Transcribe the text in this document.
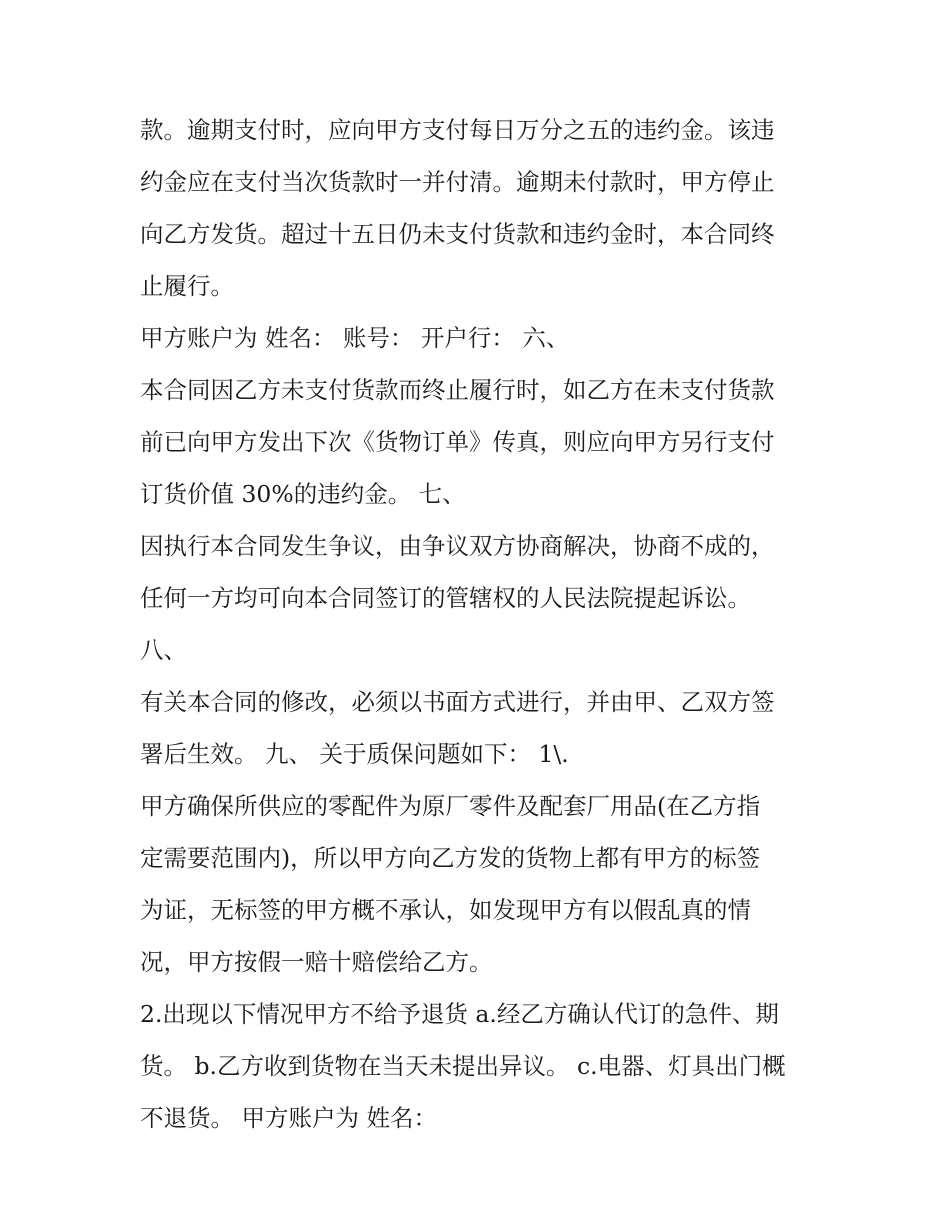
款。逾期支付时，应向甲方支付每日万分之五的违约金。该违
约金应在支付当次货款时一并付清。逾期未付款时，甲方停止
向乙方发货。超过十五日仍未支付货款和违约金时，本合同终
止履行。
甲方账户为 姓名： 账号： 开户行： 六、
本合同因乙方未支付货款而终止履行时，如乙方在未支付货款
前已向甲方发出下次《货物订单》传真，则应向甲方另行支付
订货价值 30%的违约金。 七、
因执行本合同发生争议，由争议双方协商解决，协商不成的，
任何一方均可向本合同签订的管辖权的人民法院提起诉讼。
八、
有关本合同的修改，必须以书面方式进行，并由甲、乙双方签
署后生效。 九、 关于质保问题如下： 1\.
甲方确保所供应的零配件为原厂零件及配套厂用品(在乙方指
定需要范围内)，所以甲方向乙方发的货物上都有甲方的标签
为证，无标签的甲方概不承认，如发现甲方有以假乱真的情
况，甲方按假一赔十赔偿给乙方。
2.出现以下情况甲方不给予退货 a.经乙方确认代订的急件、期
货。 b.乙方收到货物在当天未提出异议。 c.电器、灯具出门概
不退货。 甲方账户为 姓名：
